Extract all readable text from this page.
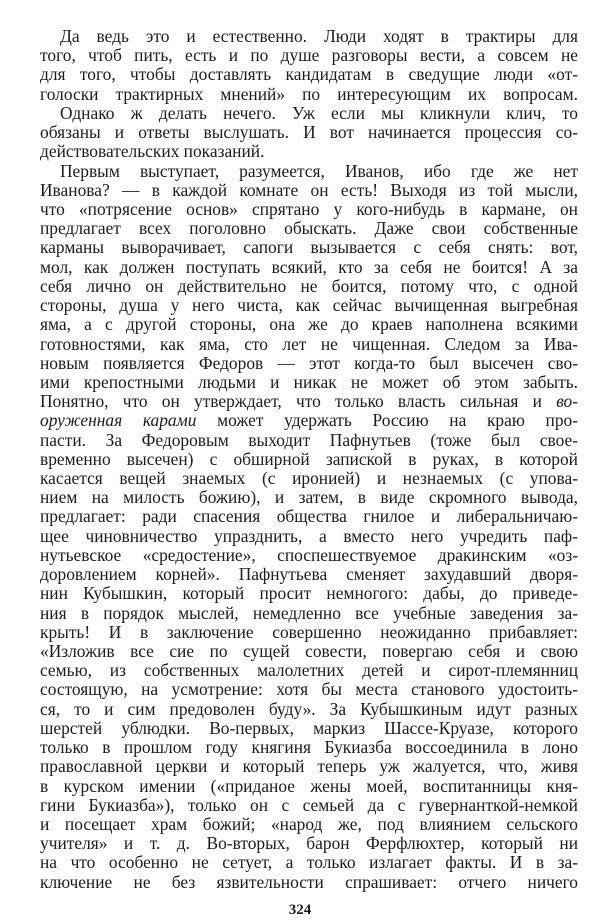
Да ведь это и естественно. Люди ходят в трактиры для
того, чтоб пить, есть и по душе разговоры вести, а совсем не
для того, чтобы доставлять кандидатам в сведущие люди «от-
голоски трактирных мнений» по интересующим их вопросам.
Однако ж делать нечего. Уж если мы кликнули клич, то
обязаны и ответы выслушать. И вот начинается процессия со-
действовательских показаний.
Первым выступает, разумеется, Иванов, ибо где же нет
Иванова? — в каждой комнате он есть! Выходя из той мысли,
что «потрясение основ» спрятано у кого-нибудь в кармане, он
предлагает всех поголовно обыскать. Даже свои собственные
карманы выворачивает, сапоги вызывается с себя снять: вот,
мол, как должен поступать всякий, кто за себя не боится! А за
себя лично он действительно не боится, потому что, с одной
стороны, душа у него чиста, как сейчас вычищенная выгребная
яма, а с другой стороны, она же до краев наполнена всякими
готовностями, как яма, сто лет не чищенная. Следом за Ива-
новым появляется Федоров — этот когда-то был высечен сво-
ими крепостными людьми и никак не может об этом забыть.
Понятно, что он утверждает, что только власть сильная и во-
оруженная карами может удержать Россию на краю про-
пасти. За Федоровым выходит Пафнутьев (тоже был свое-
временно высечен) с обширной запиской в руках, в которой
касается вещей знаемых (с иронией) и незнаемых (с упова-
нием на милость божию), и затем, в виде скромного вывода,
предлагает: ради спасения общества гнилое и либеральничаю-
щее чиновничество упразднить, а вместо него учредить паф-
нутьевское «средостение», споспешествуемое дракинским «оз-
доровлением корней». Пафнутьева сменяет захудавший дворя-
нин Кубышкин, который просит немногого: дабы, до приведе-
ния в порядок мыслей, немедленно все учебные заведения за-
крыть! И в заключение совершенно неожиданно прибавляет:
«Изложив все сие по сущей совести, повергаю себя и свою
семью, из собственных малолетних детей и сирот-племянниц
состоящую, на усмотрение: хотя бы места станового удостоить-
ся, то и сим предоволен буду». За Кубышкиным идут разных
шерстей ублюдки. Во-первых, маркиз Шассе-Круазе, которого
только в прошлом году княгиня Букиазба воссоединила в лоно
православной церкви и который теперь уж жалуется, что, живя
в курском имении («приданое жены моей, воспитанницы кня-
гини Букиазба»), только он с семьей да с гувернанткой-немкой
и посещает храм божий; «народ же, под влиянием сельского
учителя» и т. д. Во-вторых, барон Ферфлюхтер, который ни
на что особенно не сетует, а только излагает факты. И в за-
ключение не без язвительности спрашивает: отчего ничего
324
